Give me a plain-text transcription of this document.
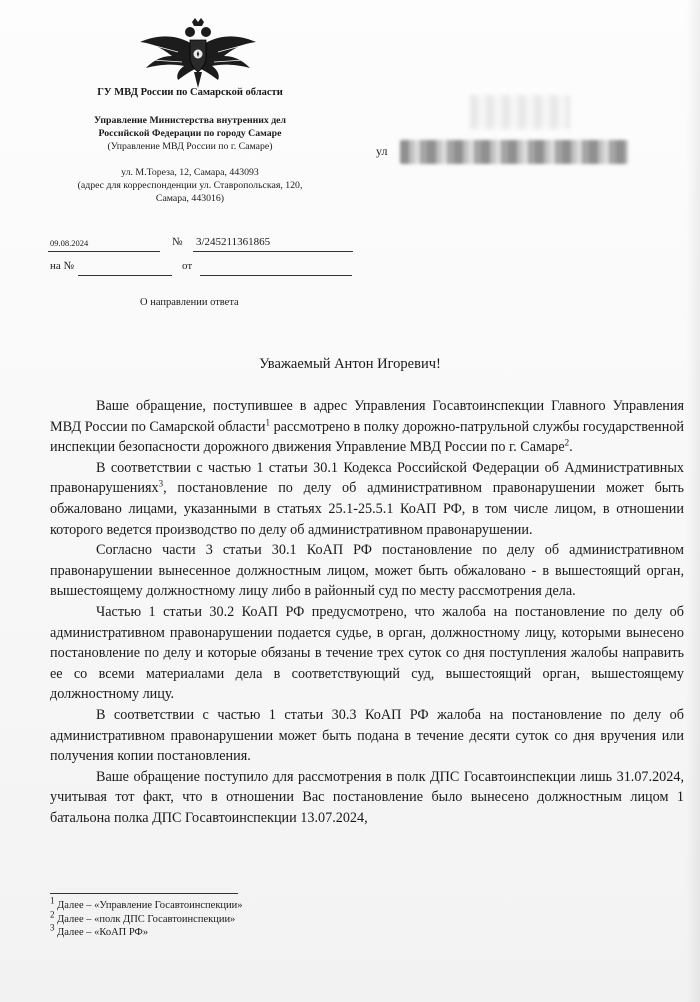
ГУ МВД России по Самарской области
Управление Министерства внутренних дел
Российской Федерации по городу Самаре
(Управление МВД России по г. Самаре)
ул. М.Тореза, 12, Самара, 443093
(адрес для корреспонденции ул. Ставропольская, 120,
Самара, 443016)
09.08.2024	№ 3/245211361865
на №	от
ул
О направлении ответа
Уважаемый Антон Игоревич!

Ваше обращение, поступившее в адрес Управления Госавтоинспекции Главного Управления МВД России по Самарской области$^1$ рассмотрено в полку дорожно-патрульной службы государственной инспекции безопасности дорожного движения Управление МВД России по г. Самаре$^2$.

В соответствии с частью 1 статьи 30.1 Кодекса Российской Федерации об Административных правонарушениях$^3$, постановление по делу об административном правонарушении может быть обжаловано лицами, указанными в статьях 25.1-25.5.1 КоАП РФ, в том числе лицом, в отношении которого ведется производство по делу об административном правонарушении.

Согласно части 3 статьи 30.1 КоАП РФ постановление по делу об административном правонарушении вынесенное должностным лицом, может быть обжаловано - в вышестоящий орган, вышестоящему должностному лицу либо в районный суд по месту рассмотрения дела.

Частью 1 статьи 30.2 КоАП РФ предусмотрено, что жалоба на постановление по делу об административном правонарушении подается судье, в орган, должностному лицу, которыми вынесено постановление по делу и которые обязаны в течение трех суток со дня поступления жалобы направить ее со всеми материалами дела в соответствующий суд, вышестоящий орган, вышестоящему должностному лицу.

В соответствии с частью 1 статьи 30.3 КоАП РФ жалоба на постановление по делу об административном правонарушении может быть подана в течение десяти суток со дня вручения или получения копии постановления.

Ваше обращение поступило для рассмотрения в полк ДПС Госавтоинспекции лишь 31.07.2024, учитывая тот факт, что в отношении Вас постановление было вынесено должностным лицом 1 батальона полка ДПС Госавтоинспекции 13.07.2024,

$^1$ Далее – «Управление Госавтоинспекции»
$^2$ Далее – «полк ДПС Госавтоинспекции»
$^3$ Далее – «КоАП РФ»
